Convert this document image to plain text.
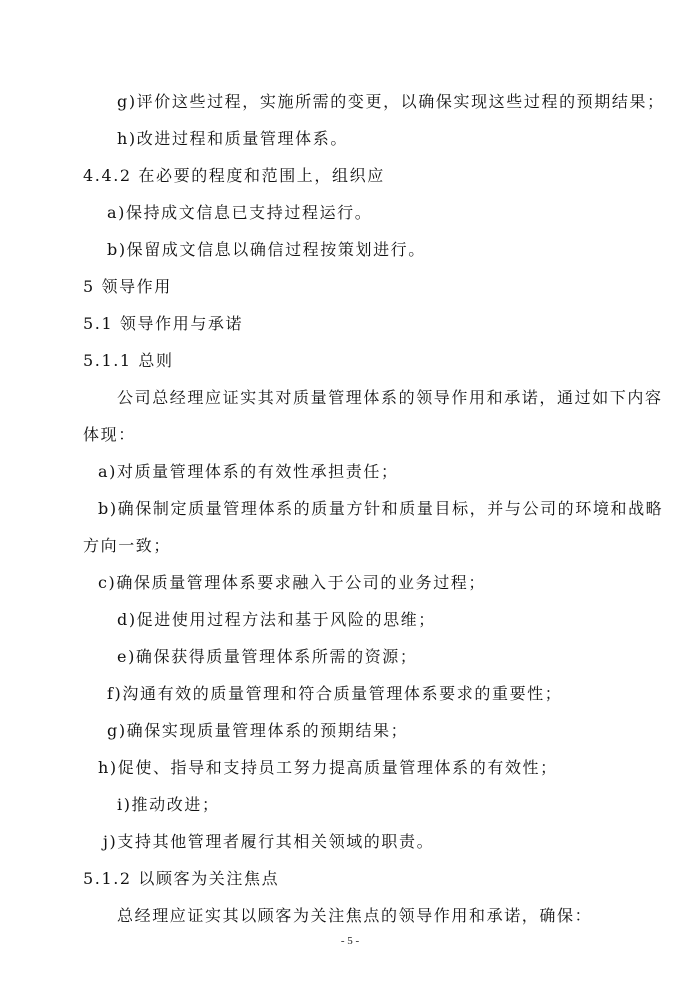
g)评价这些过程，实施所需的变更，以确保实现这些过程的预期结果；
h)改进过程和质量管理体系。
4.4.2 在必要的程度和范围上，组织应
a)保持成文信息已支持过程运行。
b)保留成文信息以确信过程按策划进行。
5 领导作用
5.1 领导作用与承诺
5.1.1 总则
公司总经理应证实其对质量管理体系的领导作用和承诺，通过如下内容
体现：
a)对质量管理体系的有效性承担责任；
b)确保制定质量管理体系的质量方针和质量目标，并与公司的环境和战略
方向一致；
c)确保质量管理体系要求融入于公司的业务过程；
d)促进使用过程方法和基于风险的思维；
e)确保获得质量管理体系所需的资源；
f)沟通有效的质量管理和符合质量管理体系要求的重要性；
g)确保实现质量管理体系的预期结果；
h)促使、指导和支持员工努力提高质量管理体系的有效性；
i)推动改进；
j)支持其他管理者履行其相关领域的职责。
5.1.2 以顾客为关注焦点
总经理应证实其以顾客为关注焦点的领导作用和承诺，确保：
- 5 -
